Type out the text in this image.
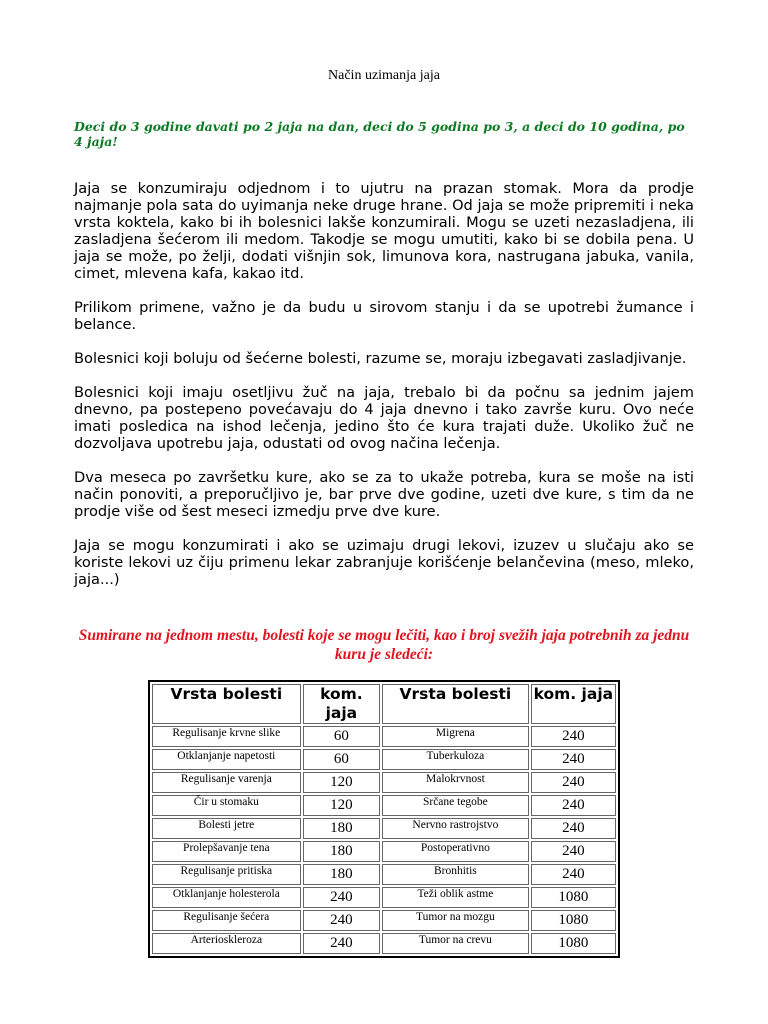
Način uzimanja jaja

Deci do 3 godine davati po 2 jaja na dan, deci do 5 godina po 3, a deci do 10 godina, po 4 jaja!

Jaja se konzumiraju odjednom i to ujutru na prazan stomak. Mora da prodje najmanje pola sata do uyimanja neke druge hrane. Od jaja se može pripremiti i neka vrsta koktela, kako bi ih bolesnici lakše konzumirali. Mogu se uzeti nezasladjena, ili zasladjena šećerom ili medom. Takodje se mogu umutiti, kako bi se dobila pena. U jaja se može, po želji, dodati višnjin sok, limunova kora, nastrugana jabuka, vanila, cimet, mlevena kafa, kakao itd.

Prilikom primene, važno je da budu u sirovom stanju i da se upotrebi žumance i belance.

Bolesnici koji boluju od šećerne bolesti, razume se, moraju izbegavati zasladjivanje.

Bolesnici koji imaju osetljivu žuč na jaja, trebalo bi da počnu sa jednim jajem dnevno, pa postepeno povećavaju do 4 jaja dnevno i tako završe kuru. Ovo neće imati posledica na ishod lečenja, jedino što će kura trajati duže. Ukoliko žuč ne dozvoljava upotrebu jaja, odustati od ovog načina lečenja.

Dva meseca po završetku kure, ako se za to ukaže potreba, kura se moše na isti način ponoviti, a preporučljivo je, bar prve dve godine, uzeti dve kure, s tim da ne prodje više od šest meseci izmedju prve dve kure.

Jaja se mogu konzumirati i ako se uzimaju drugi lekovi, izuzev u slučaju ako se koriste lekovi uz čiju primenu lekar zabranjuje korišćenje belančevina (meso, mleko, jaja...)

Sumirane na jednom mestu, bolesti koje se mogu lečiti, kao i broj svežih jaja potrebnih za jednu kuru je sledeći:

Vrsta bolesti	kom. jaja	Vrsta bolesti	kom. jaja
Regulisanje krvne slike	60	Migrena	240
Otklanjanje napetosti	60	Tuberkuloza	240
Regulisanje varenja	120	Malokrvnost	240
Čir u stomaku	120	Srčane tegobe	240
Bolesti jetre	180	Nervno rastrojstvo	240
Prolepšavanje tena	180	Postoperativno	240
Regulisanje pritiska	180	Bronhitis	240
Otklanjanje holesterola	240	Teži oblik astme	1080
Regulisanje šećera	240	Tumor na mozgu	1080
Arterioskleroza	240	Tumor na crevu	1080
